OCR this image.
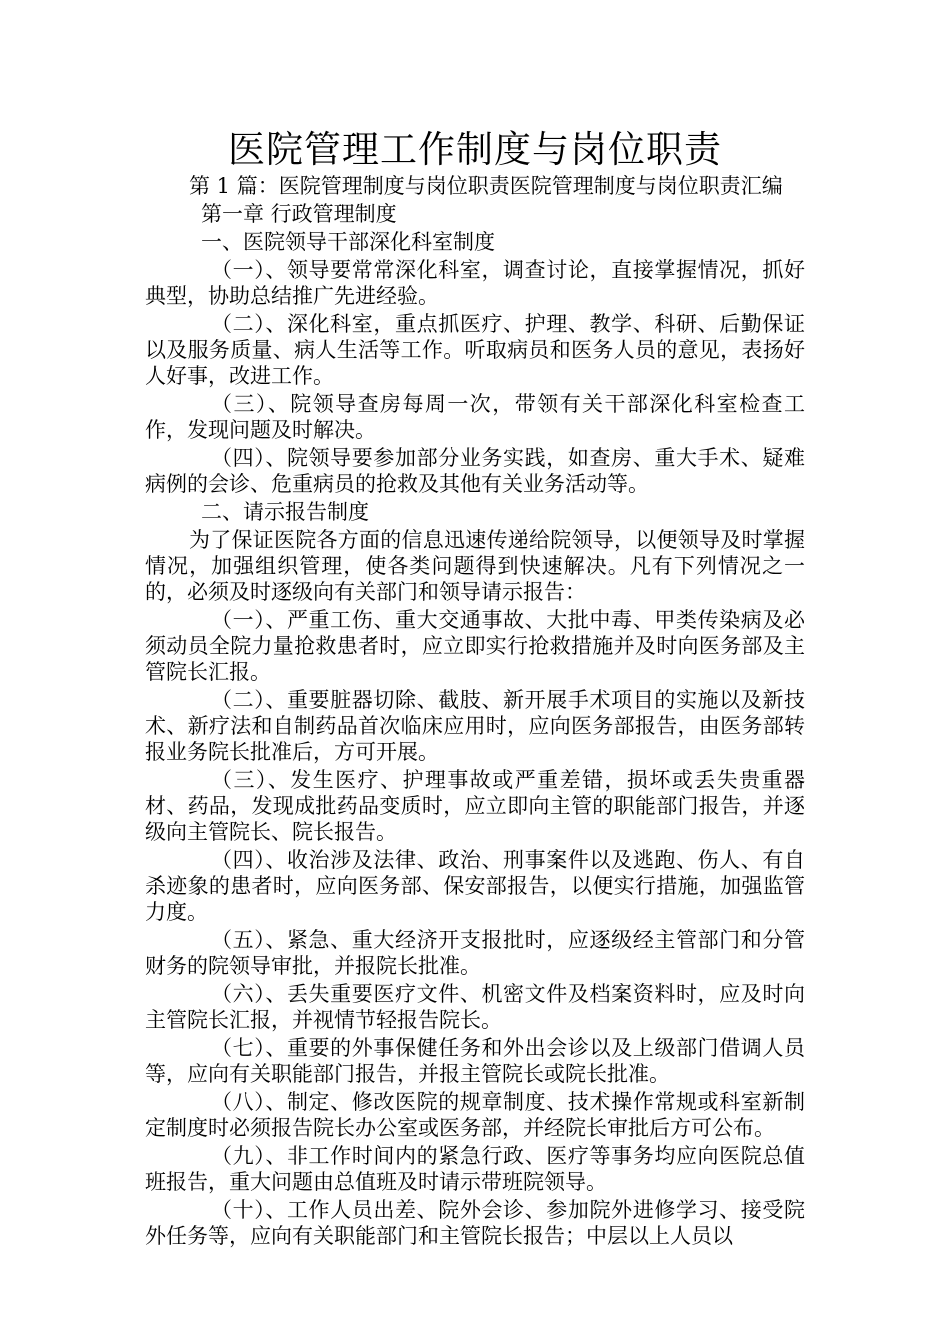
医院管理工作制度与岗位职责

第 1 篇：医院管理制度与岗位职责医院管理制度与岗位职责汇编

第一章 行政管理制度

一、医院领导干部深化科室制度

（一）、领导要常常深化科室，调查讨论，直接掌握情况，抓好典型，协助总结推广先进经验。

（二）、深化科室，重点抓医疗、护理、教学、科研、后勤保证以及服务质量、病人生活等工作。听取病员和医务人员的意见，表扬好人好事，改进工作。

（三）、院领导查房每周一次，带领有关干部深化科室检查工作，发现问题及时解决。

（四）、院领导要参加部分业务实践，如查房、重大手术、疑难病例的会诊、危重病员的抢救及其他有关业务活动等。

二、请示报告制度

为了保证医院各方面的信息迅速传递给院领导，以便领导及时掌握情况，加强组织管理，使各类问题得到快速解决。凡有下列情况之一的，必须及时逐级向有关部门和领导请示报告：

（一）、严重工伤、重大交通事故、大批中毒、甲类传染病及必须动员全院力量抢救患者时，应立即实行抢救措施并及时向医务部及主管院长汇报。

（二）、重要脏器切除、截肢、新开展手术项目的实施以及新技术、新疗法和自制药品首次临床应用时，应向医务部报告，由医务部转报业务院长批准后，方可开展。

（三）、发生医疗、护理事故或严重差错，损坏或丢失贵重器材、药品，发现成批药品变质时，应立即向主管的职能部门报告，并逐级向主管院长、院长报告。

（四）、收治涉及法律、政治、刑事案件以及逃跑、伤人、有自杀迹象的患者时，应向医务部、保安部报告，以便实行措施，加强监管力度。

（五）、紧急、重大经济开支报批时，应逐级经主管部门和分管财务的院领导审批，并报院长批准。

（六）、丢失重要医疗文件、机密文件及档案资料时，应及时向主管院长汇报，并视情节轻报告院长。

（七）、重要的外事保健任务和外出会诊以及上级部门借调人员等，应向有关职能部门报告，并报主管院长或院长批准。

（八）、制定、修改医院的规章制度、技术操作常规或科室新制定制度时必须报告院长办公室或医务部，并经院长审批后方可公布。

（九）、非工作时间内的紧急行政、医疗等事务均应向医院总值班报告，重大问题由总值班及时请示带班院领导。

（十）、工作人员出差、院外会诊、参加院外进修学习、接受院外任务等，应向有关职能部门和主管院长报告；中层以上人员以
